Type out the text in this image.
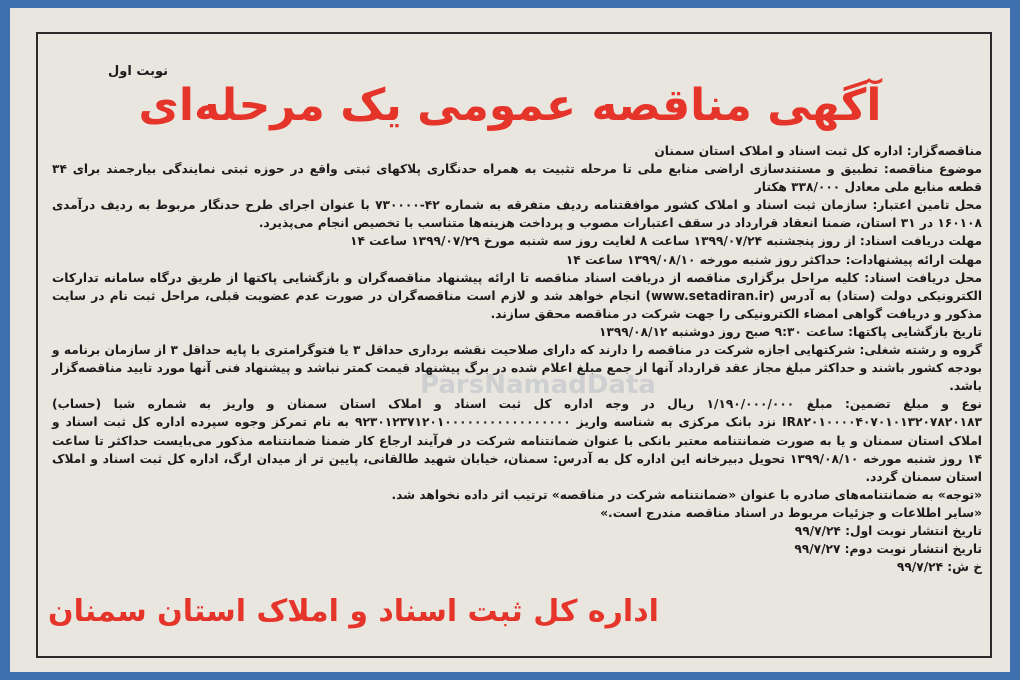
نوبت اول
آگهی مناقصه عمومی یک مرحله‌ای
ParsNamadData

مناقصه‌گزار: اداره کل ثبت اسناد و املاک استان سمنان

موضوع مناقصه: تطبیق و مستندسازی اراضی منابع ملی تا مرحله تثبیت به همراه حدنگاری پلاکهای ثبتی واقع در حوزه ثبتی نمایندگی بیارجمند برای ۳۴ قطعه منابع ملی معادل ۳۳۸/۰۰۰ هکتار

محل تامین اعتبار: سازمان ثبت اسناد و املاک کشور موافقتنامه ردیف متفرقه به شماره ۴۲-۷۳۰۰۰۰ با عنوان اجرای طرح حدنگار مربوط به ردیف درآمدی ۱۶۰۱۰۸ در ۳۱ استان، ضمنا انعقاد قرارداد در سقف اعتبارات مصوب و پرداخت هزینه‌ها متناسب با تخصیص انجام می‌پذیرد.

مهلت دریافت اسناد: از روز پنجشنبه ۱۳۹۹/۰۷/۲۴ ساعت ۸ لغایت روز سه شنبه مورخ ۱۳۹۹/۰۷/۲۹ ساعت ۱۴

مهلت ارائه پیشنهادات: حداکثر روز شنبه مورخه ۱۳۹۹/۰۸/۱۰ ساعت ۱۴

محل دریافت اسناد: کلیه مراحل برگزاری مناقصه از دریافت اسناد مناقصه تا ارائه پیشنهاد مناقصه‌گران و بازگشایی پاکتها از طریق درگاه سامانه تدارکات الکترونیکی دولت (ستاد) به آدرس (www.setadiran.ir) انجام خواهد شد و لازم است مناقصه‌گران در صورت عدم عضویت قبلی، مراحل ثبت نام در سایت مذکور و دریافت گواهی امضاء الکترونیکی را جهت شرکت در مناقصه محقق سازند.

تاریخ بازگشایی پاکتها: ساعت ۹:۳۰ صبح روز دوشنبه ۱۳۹۹/۰۸/۱۲

گروه و رشته شغلی: شرکتهایی اجازه شرکت در مناقصه را دارند که دارای صلاحیت نقشه برداری حداقل ۳ یا فتوگرامتری با پایه حداقل ۳ از سازمان برنامه و بودجه کشور باشند و حداکثر مبلغ مجاز عقد قرارداد آنها از جمع مبلغ اعلام شده در برگ پیشنهاد قیمت کمتر نباشد و پیشنهاد فنی آنها مورد تایید مناقصه‌گزار باشد.

نوع و مبلغ تضمین: مبلغ ۱/۱۹۰/۰۰۰/۰۰۰ ریال در وجه اداره کل ثبت اسناد و املاک استان سمنان و واریز به شماره شبا (حساب) IR۸۲۰۱۰۰۰۰۴۰۷۰۱۰۱۳۲۰۷۸۲۰۱۸۳ نزد بانک مرکزی به شناسه واریز ۹۲۳۰۱۲۳۷۱۲۰۱۰۰۰۰۰۰۰۰۰۰۰۰۰۰۰۰۰ به نام تمرکز وجوه سپرده اداره کل ثبت اسناد و املاک استان سمنان و یا به صورت ضمانتنامه معتبر بانکی با عنوان ضمانتنامه شرکت در فرآیند ارجاع کار ضمنا ضمانتنامه مذکور می‌بایست حداکثر تا ساعت ۱۴ روز شنبه مورخه ۱۳۹۹/۰۸/۱۰ تحویل دبیرخانه این اداره کل به آدرس: سمنان، خیابان شهید طالقانی، پایین تر از میدان ارگ، اداره کل ثبت اسناد و املاک استان سمنان گردد.

«توجه» به ضمانتنامه‌های صادره با عنوان «ضمانتنامه شرکت در مناقصه» ترتیب اثر داده نخواهد شد.

«سایر اطلاعات و جزئیات مربوط در اسناد مناقصه مندرج است.»

تاریخ انتشار نوبت اول: ۹۹/۷/۲۴

تاریخ انتشار نوبت دوم: ۹۹/۷/۲۷

خ ش: ۹۹/۷/۲۴

اداره کل ثبت اسناد و املاک استان سمنان
